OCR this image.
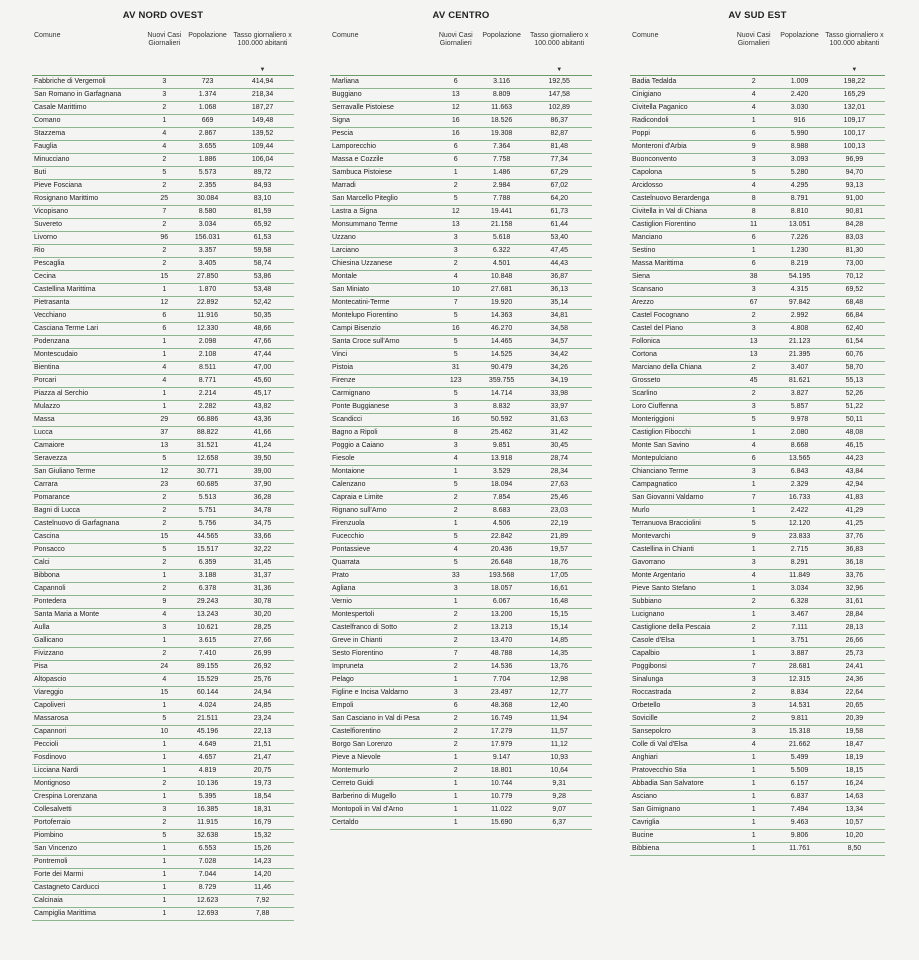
AV NORD OVEST
Comune	Nuovi Casi Giornalieri	Popolazione	Tasso giornaliero x 100.000 abitanti
▼

Fabbriche di Vergemoli	3	723	414,94
San Romano in Garfagnana	3	1.374	218,34
Casale Marittimo	2	1.068	187,27
Comano	1	669	149,48
Stazzema	4	2.867	139,52
Fauglia	4	3.655	109,44
Minucciano	2	1.886	106,04
Buti	5	5.573	89,72
Pieve Fosciana	2	2.355	84,93
Rosignano Marittimo	25	30.084	83,10
Vicopisano	7	8.580	81,59
Suvereto	2	3.034	65,92
Livorno	96	156.031	61,53
Rio	2	3.357	59,58
Pescaglia	2	3.405	58,74
Cecina	15	27.850	53,86
Castellina Marittima	1	1.870	53,48
Pietrasanta	12	22.892	52,42
Vecchiano	6	11.916	50,35
Casciana Terme Lari	6	12.330	48,66
Podenzana	1	2.098	47,66
Montescudaio	1	2.108	47,44
Bientina	4	8.511	47,00
Porcari	4	8.771	45,60
Piazza al Serchio	1	2.214	45,17
Mulazzo	1	2.282	43,82
Massa	29	66.886	43,36
Lucca	37	88.822	41,66
Camaiore	13	31.521	41,24
Seravezza	5	12.658	39,50
San Giuliano Terme	12	30.771	39,00
Carrara	23	60.685	37,90
Pomarance	2	5.513	36,28
Bagni di Lucca	2	5.751	34,78
Castelnuovo di Garfagnana	2	5.756	34,75
Cascina	15	44.565	33,66
Ponsacco	5	15.517	32,22
Calci	2	6.359	31,45
Bibbona	1	3.188	31,37
Capannoli	2	6.378	31,36
Pontedera	9	29.243	30,78
Santa Maria a Monte	4	13.243	30,20
Aulla	3	10.621	28,25
Gallicano	1	3.615	27,66
Fivizzano	2	7.410	26,99
Pisa	24	89.155	26,92
Altopascio	4	15.529	25,76
Viareggio	15	60.144	24,94
Capoliveri	1	4.024	24,85
Massarosa	5	21.511	23,24
Capannori	10	45.196	22,13
Peccioli	1	4.649	21,51
Fosdinovo	1	4.657	21,47
Licciana Nardi	1	4.819	20,75
Montignoso	2	10.136	19,73
Crespina Lorenzana	1	5.395	18,54
Collesalvetti	3	16.385	18,31
Portoferraio	2	11.915	16,79
Piombino	5	32.638	15,32
San Vincenzo	1	6.553	15,26
Pontremoli	1	7.028	14,23
Forte dei Marmi	1	7.044	14,20
Castagneto Carducci	1	8.729	11,46
Calcinaia	1	12.623	7,92
Campiglia Marittima	1	12.693	7,88
AV CENTRO
Comune	Nuovi Casi Giornalieri	Popolazione	Tasso giornaliero x 100.000 abitanti
▼

Marliana	6	3.116	192,55
Buggiano	13	8.809	147,58
Serravalle Pistoiese	12	11.663	102,89
Signa	16	18.526	86,37
Pescia	16	19.308	82,87
Lamporecchio	6	7.364	81,48
Massa e Cozzile	6	7.758	77,34
Sambuca Pistoiese	1	1.486	67,29
Marradi	2	2.984	67,02
San Marcello Piteglio	5	7.788	64,20
Lastra a Signa	12	19.441	61,73
Monsummano Terme	13	21.158	61,44
Uzzano	3	5.618	53,40
Larciano	3	6.322	47,45
Chiesina Uzzanese	2	4.501	44,43
Montale	4	10.848	36,87
San Miniato	10	27.681	36,13
Montecatini-Terme	7	19.920	35,14
Montelupo Fiorentino	5	14.363	34,81
Campi Bisenzio	16	46.270	34,58
Santa Croce sull'Arno	5	14.465	34,57
Vinci	5	14.525	34,42
Pistoia	31	90.479	34,26
Firenze	123	359.755	34,19
Carmignano	5	14.714	33,98
Ponte Buggianese	3	8.832	33,97
Scandicci	16	50.592	31,63
Bagno a Ripoli	8	25.462	31,42
Poggio a Caiano	3	9.851	30,45
Fiesole	4	13.918	28,74
Montaione	1	3.529	28,34
Calenzano	5	18.094	27,63
Capraia e Limite	2	7.854	25,46
Rignano sull'Arno	2	8.683	23,03
Firenzuola	1	4.506	22,19
Fucecchio	5	22.842	21,89
Pontassieve	4	20.436	19,57
Quarrata	5	26.648	18,76
Prato	33	193.568	17,05
Agliana	3	18.057	16,61
Vernio	1	6.067	16,48
Montespertoli	2	13.200	15,15
Castelfranco di Sotto	2	13.213	15,14
Greve in Chianti	2	13.470	14,85
Sesto Fiorentino	7	48.788	14,35
Impruneta	2	14.536	13,76
Pelago	1	7.704	12,98
Figline e Incisa Valdarno	3	23.497	12,77
Empoli	6	48.368	12,40
San Casciano in Val di Pesa	2	16.749	11,94
Castelfiorentino	2	17.279	11,57
Borgo San Lorenzo	2	17.979	11,12
Pieve a Nievole	1	9.147	10,93
Montemurlo	2	18.801	10,64
Cerreto Guidi	1	10.744	9,31
Barberino di Mugello	1	10.779	9,28
Montopoli in Val d'Arno	1	11.022	9,07
Certaldo	1	15.690	6,37
AV SUD EST
Comune	Nuovi Casi Giornalieri	Popolazione	Tasso giornaliero x 100.000 abitanti
▼

Badia Tedalda	2	1.009	198,22
Cinigiano	4	2.420	165,29
Civitella Paganico	4	3.030	132,01
Radicondoli	1	916	109,17
Poppi	6	5.990	100,17
Monteroni d'Arbia	9	8.988	100,13
Buonconvento	3	3.093	96,99
Capolona	5	5.280	94,70
Arcidosso	4	4.295	93,13
Castelnuovo Berardenga	8	8.791	91,00
Civitella in Val di Chiana	8	8.810	90,81
Castiglion Fiorentino	11	13.051	84,28
Manciano	6	7.226	83,03
Sestino	1	1.230	81,30
Massa Marittima	6	8.219	73,00
Siena	38	54.195	70,12
Scansano	3	4.315	69,52
Arezzo	67	97.842	68,48
Castel Focognano	2	2.992	66,84
Castel del Piano	3	4.808	62,40
Follonica	13	21.123	61,54
Cortona	13	21.395	60,76
Marciano della Chiana	2	3.407	58,70
Grosseto	45	81.621	55,13
Scarlino	2	3.827	52,26
Loro Ciuffenna	3	5.857	51,22
Monteriggioni	5	9.978	50,11
Castiglion Fibocchi	1	2.080	48,08
Monte San Savino	4	8.668	46,15
Montepulciano	6	13.565	44,23
Chianciano Terme	3	6.843	43,84
Campagnatico	1	2.329	42,94
San Giovanni Valdarno	7	16.733	41,83
Murlo	1	2.422	41,29
Terranuova Bracciolini	5	12.120	41,25
Montevarchi	9	23.833	37,76
Castellina in Chianti	1	2.715	36,83
Gavorrano	3	8.291	36,18
Monte Argentario	4	11.849	33,76
Pieve Santo Stefano	1	3.034	32,96
Subbiano	2	6.328	31,61
Lucignano	1	3.467	28,84
Castiglione della Pescaia	2	7.111	28,13
Casole d'Elsa	1	3.751	26,66
Capalbio	1	3.887	25,73
Poggibonsi	7	28.681	24,41
Sinalunga	3	12.315	24,36
Roccastrada	2	8.834	22,64
Orbetello	3	14.531	20,65
Sovicille	2	9.811	20,39
Sansepolcro	3	15.318	19,58
Colle di Val d'Elsa	4	21.662	18,47
Anghiari	1	5.499	18,19
Pratovecchio Stia	1	5.509	18,15
Abbadia San Salvatore	1	6.157	16,24
Asciano	1	6.837	14,63
San Gimignano	1	7.494	13,34
Cavriglia	1	9.463	10,57
Bucine	1	9.806	10,20
Bibbiena	1	11.761	8,50
